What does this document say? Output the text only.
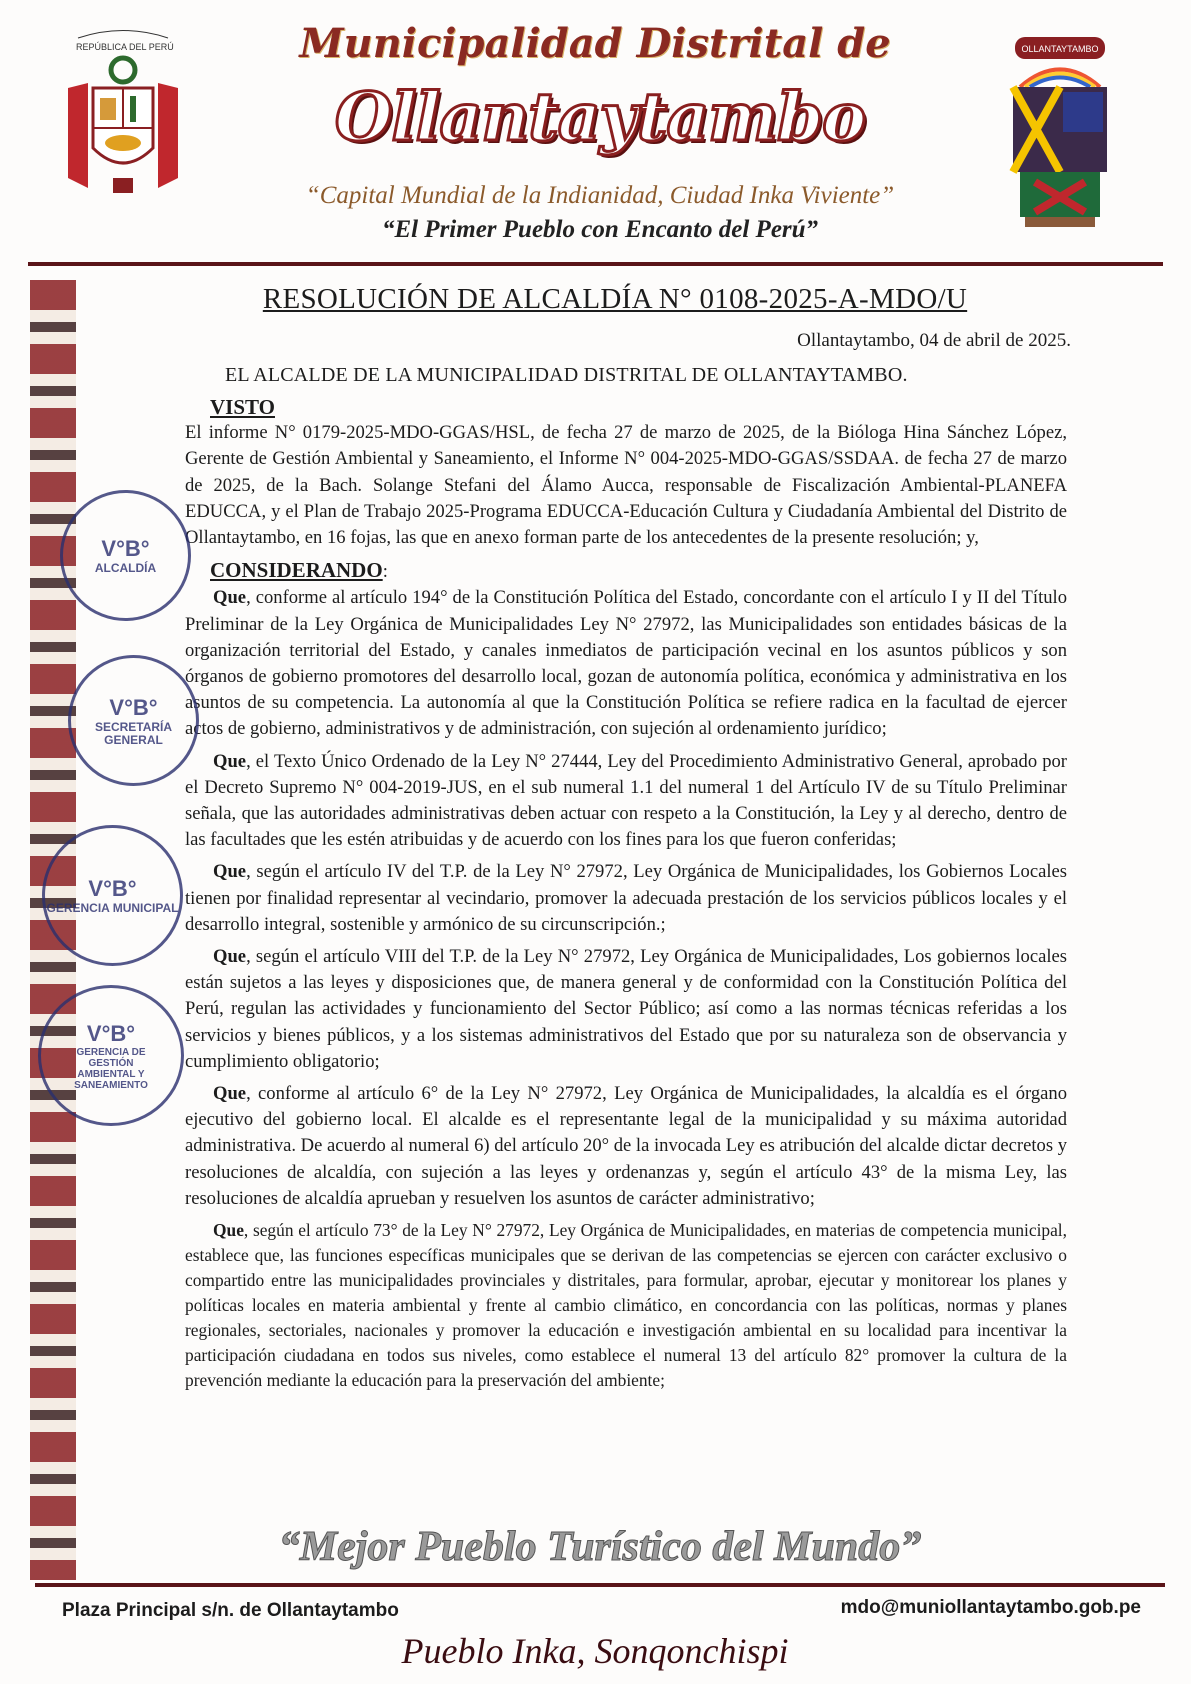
REPÚBLICA DEL PERÚ	Municipalidad Distrital de
Ollantaytambo
“Capital Mundial de la Indianidad, Ciudad Inka Viviente”
“El Primer Pueblo con Encanto del Perú”
OLLANTAYTAMBO
RESOLUCIÓN DE ALCALDÍA N° 0108-2025-A-MDO/U
Ollantaytambo, 04 de abril de 2025.
EL ALCALDE DE LA MUNICIPALIDAD DISTRITAL DE OLLANTAYTAMBO.
VISTO

El informe N° 0179-2025-MDO-GGAS/HSL, de fecha 27 de marzo de 2025, de la Bióloga Hina Sánchez López, Gerente de Gestión Ambiental y Saneamiento, el Informe N° 004-2025-MDO-GGAS/SSDAA. de fecha 27 de marzo de 2025, de la Bach. Solange Stefani del Álamo Aucca, responsable de Fiscalización Ambiental-PLANEFA EDUCCA, y el Plan de Trabajo 2025-Programa EDUCCA-Educación Cultura y Ciudadanía Ambiental del Distrito de Ollantaytambo, en 16 fojas, las que en anexo forman parte de los antecedentes de la presente resolución; y,

CONSIDERANDO:

Que, conforme al artículo 194° de la Constitución Política del Estado, concordante con el artículo I y II del Título Preliminar de la Ley Orgánica de Municipalidades Ley N° 27972, las Municipalidades son entidades básicas de la organización territorial del Estado, y canales inmediatos de participación vecinal en los asuntos públicos y son órganos de gobierno promotores del desarrollo local, gozan de autonomía política, económica y administrativa en los asuntos de su competencia. La autonomía al que la Constitución Política se refiere radica en la facultad de ejercer actos de gobierno, administrativos y de administración, con sujeción al ordenamiento jurídico;

Que, el Texto Único Ordenado de la Ley N° 27444, Ley del Procedimiento Administrativo General, aprobado por el Decreto Supremo N° 004-2019-JUS, en el sub numeral 1.1 del numeral 1 del Artículo IV de su Título Preliminar señala, que las autoridades administrativas deben actuar con respeto a la Constitución, la Ley y al derecho, dentro de las facultades que les estén atribuidas y de acuerdo con los fines para los que fueron conferidas;

Que, según el artículo IV del T.P. de la Ley N° 27972, Ley Orgánica de Municipalidades, los Gobiernos Locales tienen por finalidad representar al vecindario, promover la adecuada prestación de los servicios públicos locales y el desarrollo integral, sostenible y armónico de su circunscripción.;

Que, según el artículo VIII del T.P. de la Ley N° 27972, Ley Orgánica de Municipalidades, Los gobiernos locales están sujetos a las leyes y disposiciones que, de manera general y de conformidad con la Constitución Política del Perú, regulan las actividades y funcionamiento del Sector Público; así como a las normas técnicas referidas a los servicios y bienes públicos, y a los sistemas administrativos del Estado que por su naturaleza son de observancia y cumplimiento obligatorio;

Que, conforme al artículo 6° de la Ley N° 27972, Ley Orgánica de Municipalidades, la alcaldía es el órgano ejecutivo del gobierno local. El alcalde es el representante legal de la municipalidad y su máxima autoridad administrativa. De acuerdo al numeral 6) del artículo 20° de la invocada Ley es atribución del alcalde dictar decretos y resoluciones de alcaldía, con sujeción a las leyes y ordenanzas y, según el artículo 43° de la misma Ley, las resoluciones de alcaldía aprueban y resuelven los asuntos de carácter administrativo;

Que, según el artículo 73° de la Ley N° 27972, Ley Orgánica de Municipalidades, en materias de competencia municipal, establece que, las funciones específicas municipales que se derivan de las competencias se ejercen con carácter exclusivo o compartido entre las municipalidades provinciales y distritales, para formular, aprobar, ejecutar y monitorear los planes y políticas locales en materia ambiental y frente al cambio climático, en concordancia con las políticas, normas y planes regionales, sectoriales, nacionales y promover la educación e investigación ambiental en su localidad para incentivar la participación ciudadana en todos sus niveles, como establece el numeral 13 del artículo 82° promover la cultura de la prevención mediante la educación para la preservación del ambiente;

V°B°
ALCALDÍA
V°B°
SECRETARÍA GENERAL
V°B°
GERENCIA MUNICIPAL
V°B°
GERENCIA DE GESTIÓN AMBIENTAL Y SANEAMIENTO
“Mejor Pueblo Turístico del Mundo”
Plaza Principal s/n. de Ollantaytambo	mdo@muniollantaytambo.gob.pe
Pueblo Inka, Sonqonchispi
